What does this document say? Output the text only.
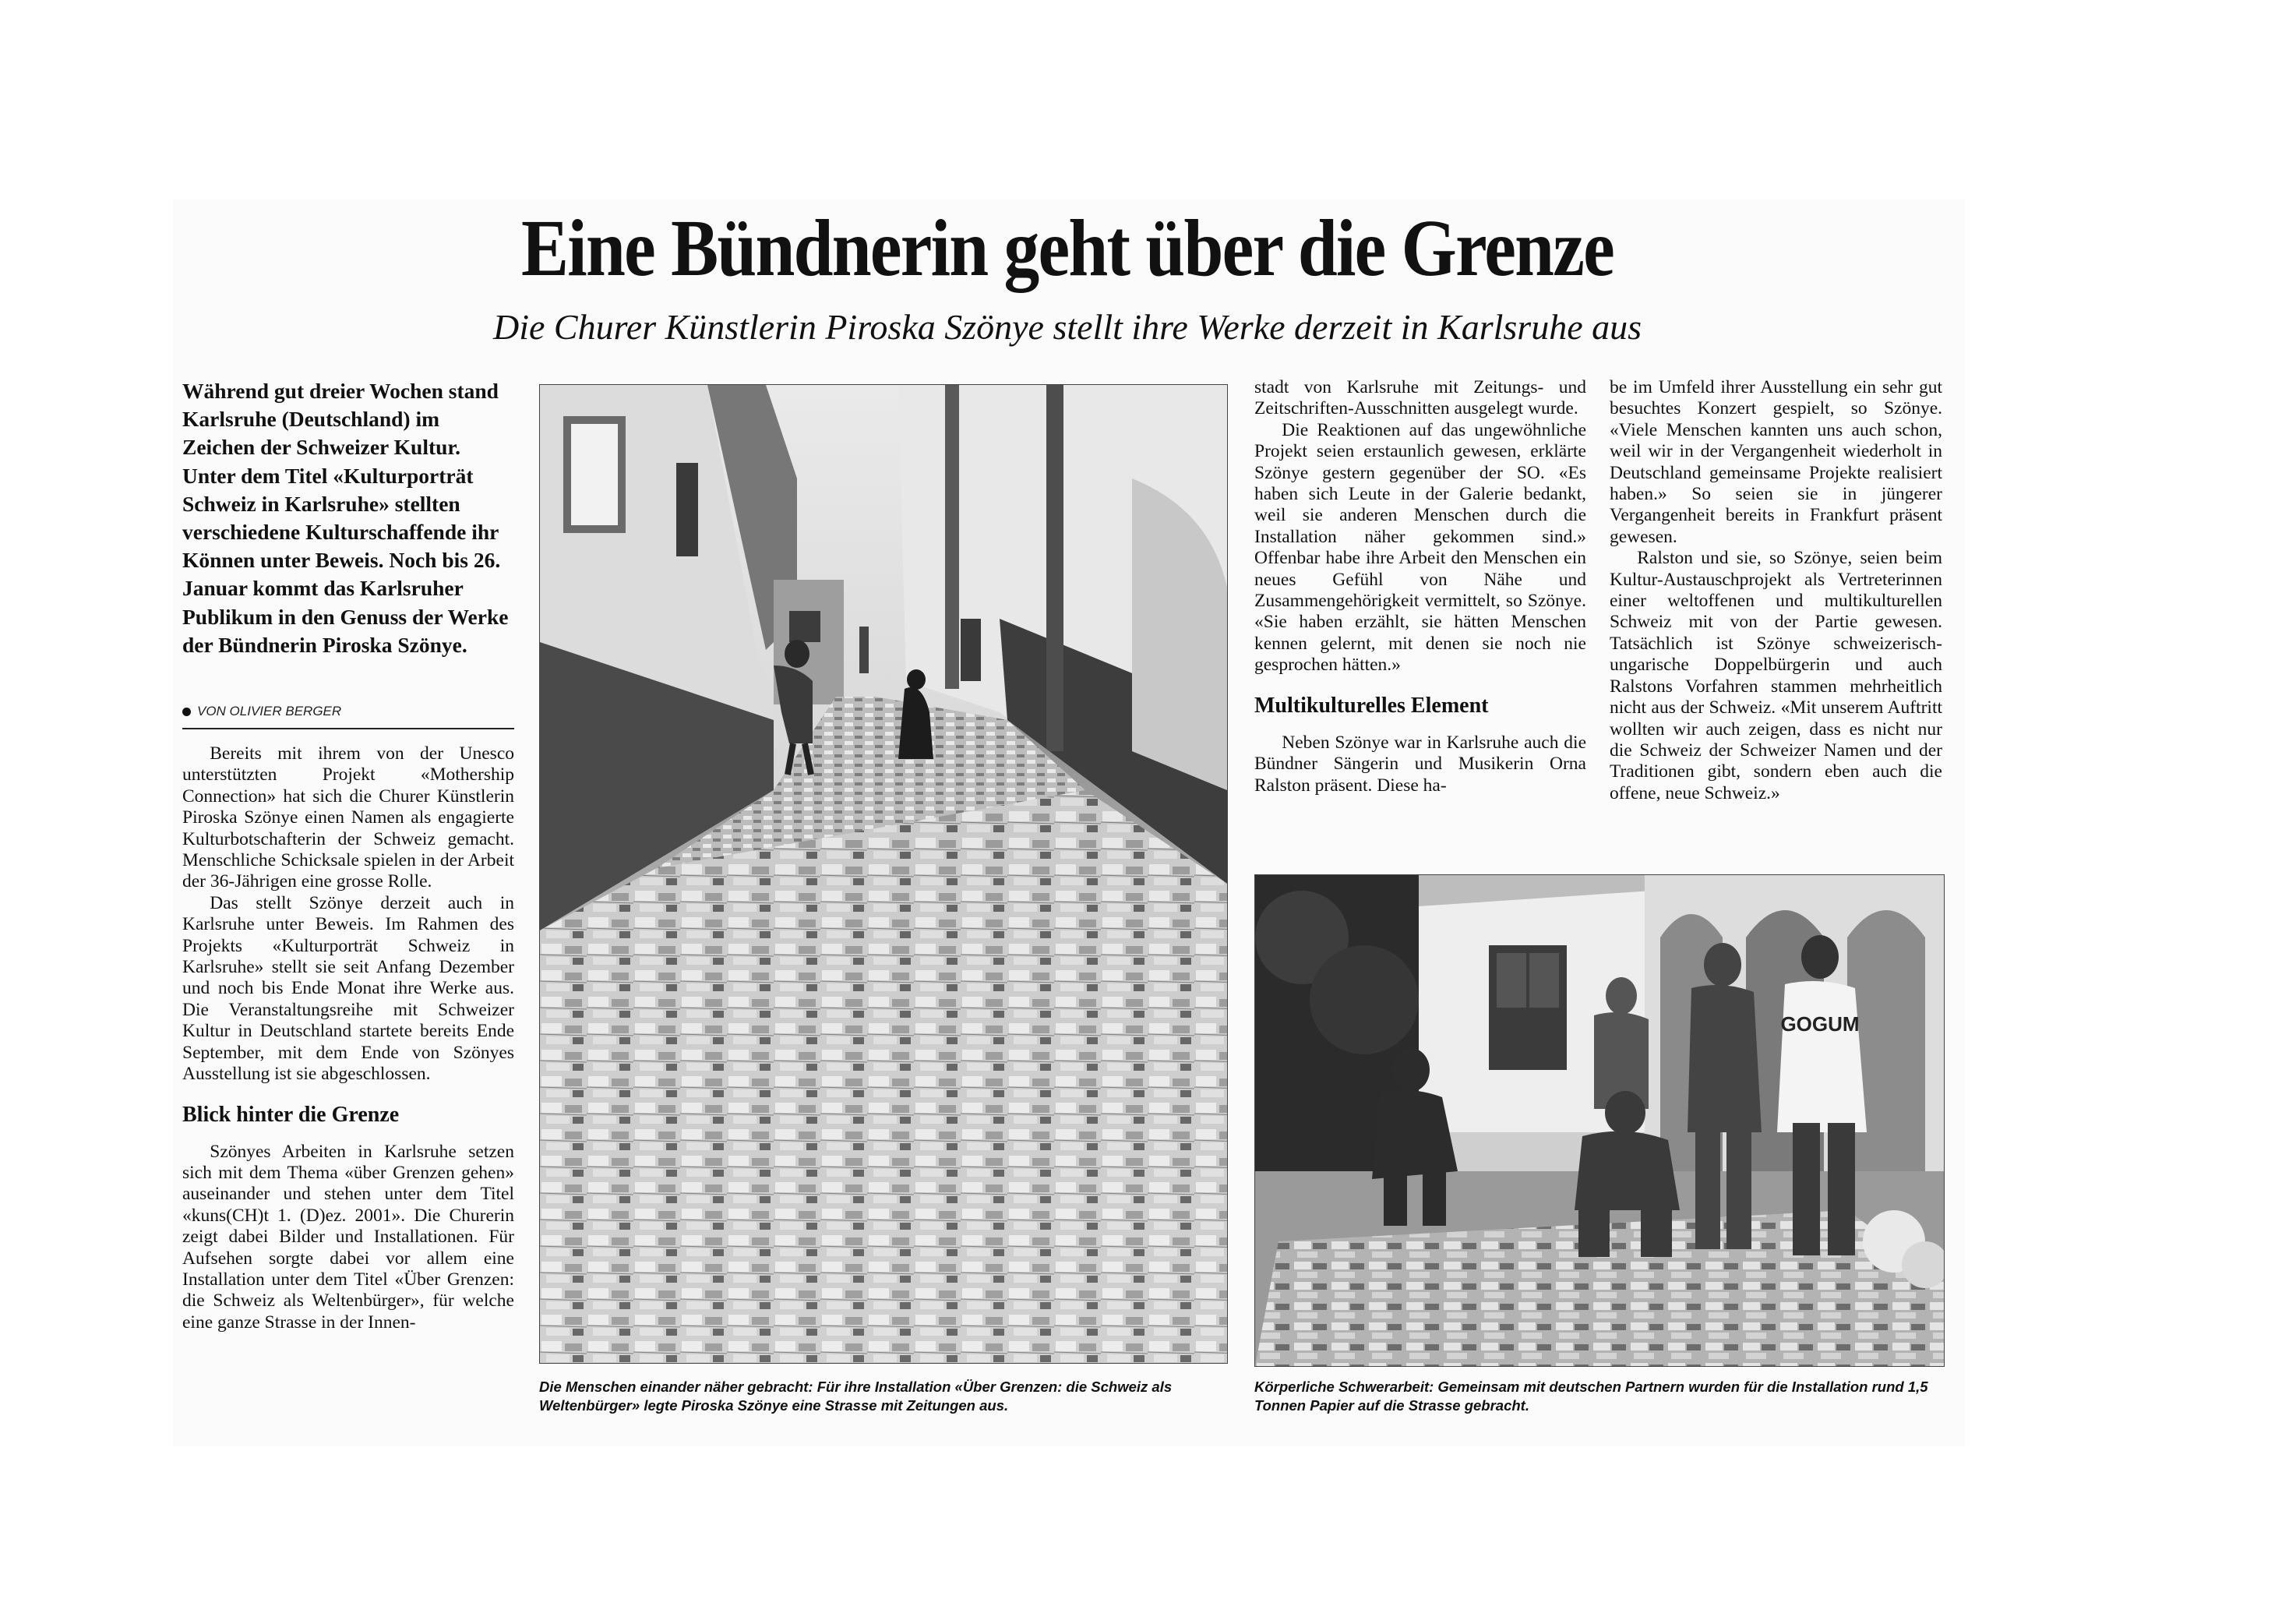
Eine Bündnerin geht über die Grenze
Die Churer Künstlerin Piroska Szönye stellt ihre Werke derzeit in Karlsruhe aus
Während gut dreier Wochen stand Karlsruhe (Deutschland) im Zeichen der Schweizer Kultur. Unter dem Titel «Kulturporträt Schweiz in Karlsruhe» stellten verschiedene Kulturschaffende ihr Können unter Beweis. Noch bis 26. Januar kommt das Karlsruher Publikum in den Genuss der Werke der Bündnerin Piroska Szönye.
VON OLIVIER BERGER

Bereits mit ihrem von der Unesco unterstützten Projekt «Mothership Connection» hat sich die Churer Künstlerin Piroska Szönye einen Namen als engagierte Kulturbotschafterin der Schweiz gemacht. Menschliche Schicksale spielen in der Arbeit der 36-Jährigen eine grosse Rolle.

Das stellt Szönye derzeit auch in Karlsruhe unter Beweis. Im Rahmen des Projekts «Kulturporträt Schweiz in Karlsruhe» stellt sie seit Anfang Dezember und noch bis Ende Monat ihre Werke aus. Die Veranstaltungsreihe mit Schweizer Kultur in Deutschland startete bereits Ende September, mit dem Ende von Szönyes Ausstellung ist sie abgeschlossen.

Blick hinter die Grenze

Szönyes Arbeiten in Karlsruhe setzen sich mit dem Thema «über Grenzen gehen» auseinander und stehen unter dem Titel «kuns(CH)t 1. (D)ez. 2001». Die Churerin zeigt dabei Bilder und Installationen. Für Aufsehen sorgte dabei vor allem eine Installation unter dem Titel «Über Grenzen: die Schweiz als Weltenbürger», für welche eine ganze Strasse in der Innen-

Die Menschen einander näher gebracht: Für ihre Installation «Über Grenzen: die Schweiz als Weltenbürger» legte Piroska Szönye eine Strasse mit Zeitungen aus.

stadt von Karlsruhe mit Zeitungs- und Zeitschriften-Ausschnitten ausgelegt wurde.

Die Reaktionen auf das ungewöhnliche Projekt seien erstaunlich gewesen, erklärte Szönye gestern gegenüber der SO. «Es haben sich Leute in der Galerie bedankt, weil sie anderen Menschen durch die Installation näher gekommen sind.» Offenbar habe ihre Arbeit den Menschen ein neues Gefühl von Nähe und Zusammengehörigkeit vermittelt, so Szönye. «Sie haben erzählt, sie hätten Menschen kennen gelernt, mit denen sie noch nie gesprochen hätten.»

Multikulturelles Element

Neben Szönye war in Karlsruhe auch die Bündner Sängerin und Musikerin Orna Ralston präsent. Diese ha-

be im Umfeld ihrer Ausstellung ein sehr gut besuchtes Konzert gespielt, so Szönye. «Viele Menschen kannten uns auch schon, weil wir in der Vergangenheit wiederholt in Deutschland gemeinsame Projekte realisiert haben.» So seien sie in jüngerer Vergangenheit bereits in Frankfurt präsent gewesen.

Ralston und sie, so Szönye, seien beim Kultur-Austauschprojekt als Vertreterinnen einer weltoffenen und multikulturellen Schweiz mit von der Partie gewesen. Tatsächlich ist Szönye schweizerisch-ungarische Doppelbürgerin und auch Ralstons Vorfahren stammen mehrheitlich nicht aus der Schweiz. «Mit unserem Auftritt wollten wir auch zeigen, dass es nicht nur die Schweiz der Schweizer Namen und der Traditionen gibt, sondern eben auch die offene, neue Schweiz.»

GOGUM
Körperliche Schwerarbeit: Gemeinsam mit deutschen Partnern wurden für die Installation rund 1,5 Tonnen Papier auf die Strasse gebracht.
